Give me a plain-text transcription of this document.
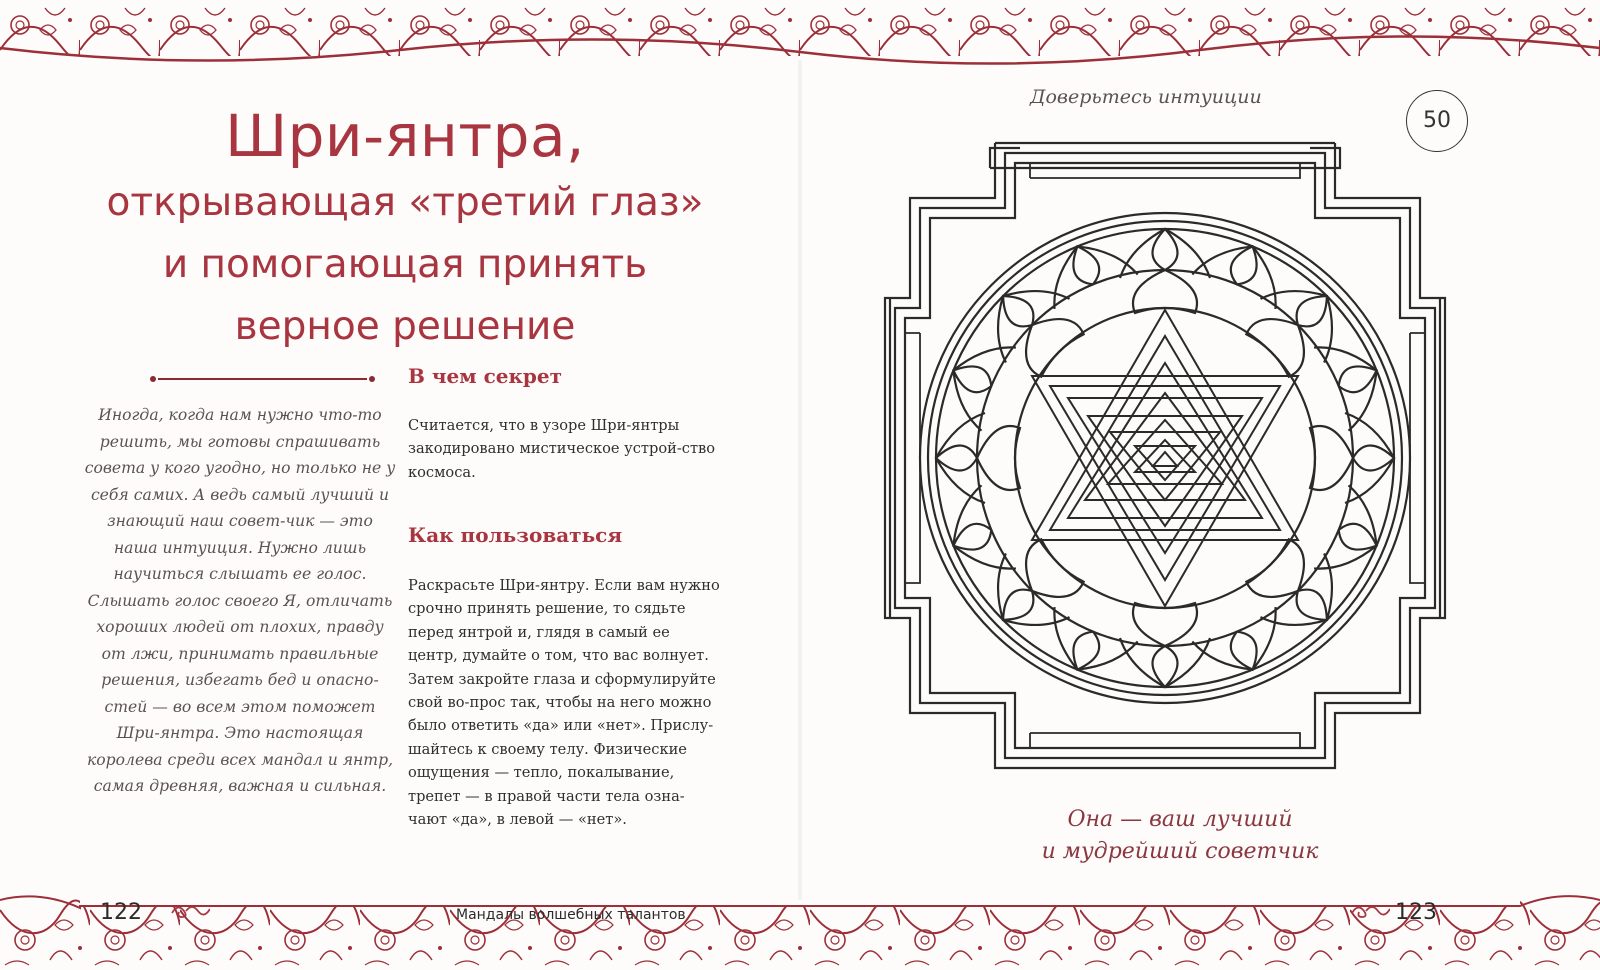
Шри-янтра,
открывающая «третий глаз»
и помогающая принять
верное решение
Иногда, когда нам нужно что-то решить, мы готовы спрашивать совета у кого угодно, но только не у себя самих. А ведь самый лучший и знающий наш совет-чик — это наша интуиция. Нужно лишь научиться слышать ее голос. Слышать голос своего Я, отличать хороших людей от плохих, правду от лжи, принимать правильные решения, избегать бед и опасно-стей — во всем этом поможет Шри-янтра. Это настоящая королева среди всех мандал и янтр, самая древняя, важная и сильная.
В чем секрет
Считается, что в узоре Шри-янтры закодировано мистическое устрой-ство космоса.
Как пользоваться
Раскрасьте Шри-янтру. Если вам нужно срочно принять решение, то сядьте перед янтрой и, глядя в самый ее центр, думайте о том, что вас волнует. Затем закройте глаза и сформулируйте свой во-прос так, чтобы на него можно было ответить «да» или «нет». Прислу-шайтесь к своему телу. Физические ощущения — тепло, покалывание, трепет — в правой части тела озна-чают «да», в левой — «нет».
122	Мандалы волшебных талантов
Доверьтесь интуиции
50
Она — ваш лучший
и мудрейший советчик
123
